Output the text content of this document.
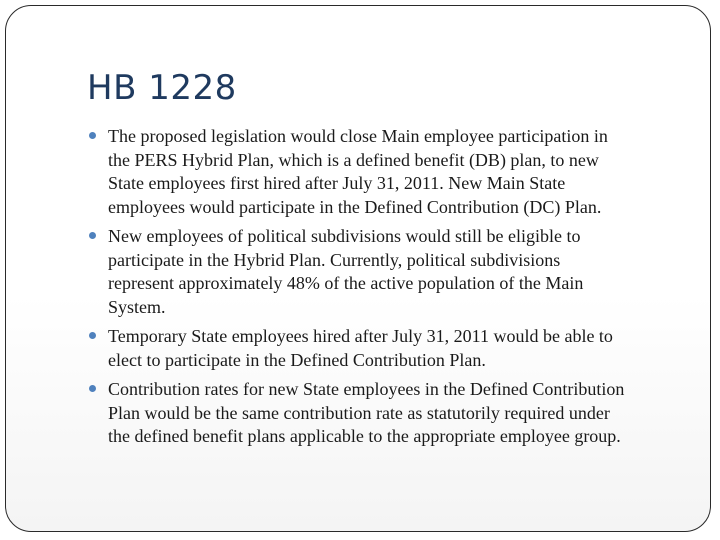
HB 1228
The proposed legislation would close Main employee participation in
the PERS Hybrid Plan, which is a defined benefit (DB) plan, to new
State employees first hired after July 31, 2011. New Main State
employees would participate in the Defined Contribution (DC) Plan.
New employees of political subdivisions would still be eligible to
participate in the Hybrid Plan. Currently, political subdivisions
represent approximately 48% of the active population of the Main
System.
Temporary State employees hired after July 31, 2011 would be able to
elect to participate in the Defined Contribution Plan.
Contribution rates for new State employees in the Defined Contribution
Plan would be the same contribution rate as statutorily required under
the defined benefit plans applicable to the appropriate employee group.
